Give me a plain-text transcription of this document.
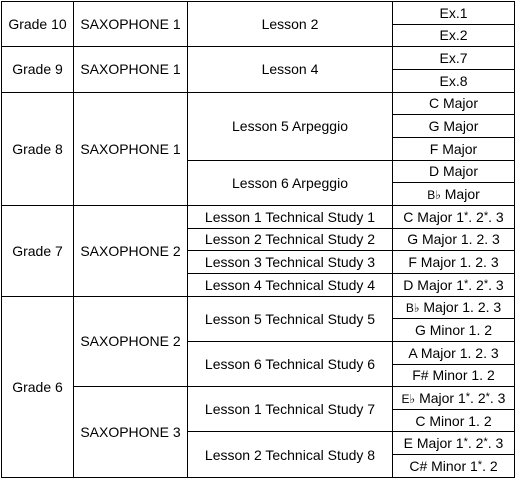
Grade 10	SAXOPHONE 1	Lesson 2	Ex.1
			Ex.2
Grade 9	SAXOPHONE 1	Lesson 4	Ex.7
			Ex.8
Grade 8	SAXOPHONE 1	Lesson 5 Arpeggio	C Major
			G Major
			F Major
		Lesson 6 Arpeggio	D Major
			B♭ Major
Grade 7	SAXOPHONE 2	Lesson 1 Technical Study 1	C Major 1*. 2*. 3
		Lesson 2 Technical Study 2	G Major 1. 2. 3
		Lesson 3 Technical Study 3	F Major 1. 2. 3
		Lesson 4 Technical Study 4	D Major 1*. 2*. 3
Grade 6	SAXOPHONE 2	Lesson 5 Technical Study 5	B♭ Major 1. 2. 3
			G Minor 1. 2
		Lesson 6 Technical Study 6	A Major 1. 2. 3
			F# Minor 1. 2
	SAXOPHONE 3	Lesson 1 Technical Study 7	E♭ Major 1*. 2*. 3
			C Minor 1. 2
		Lesson 2 Technical Study 8	E Major 1*. 2*. 3
			C# Minor 1*. 2
